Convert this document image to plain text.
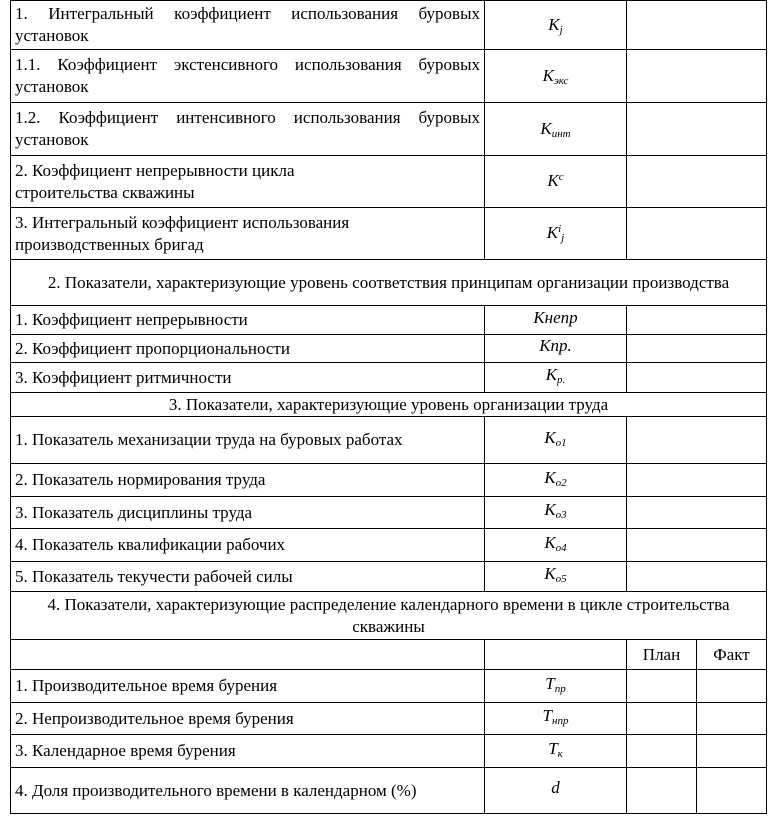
1. Интегральный коэффициент использования буровых установок	$K_j$	
1.1. Коэффициент экстенсивного использования буровых установок	$K_{экс}$	
1.2. Коэффициент интенсивного использования буровых установок	$K_{инт}$	
2. Коэффициент непрерывности цикла строительства скважины	$K^c$	
3. Интегральный коэффициент использования производственных бригад	$K^i_j$	
2. Показатели, характеризующие уровень соответствия принципам организации производства			
1. Коэффициент непрерывности	Кнепр		
2. Коэффициент пропорциональности	Кпр.		
3. Коэффициент ритмичности	$К_{р.}$	
3. Показатели, характеризующие уровень организации труда			
1. Показатель механизации труда на буровых работах	$К_{о1}$	
2. Показатель нормирования труда	$К_{о2}$	
3. Показатель дисциплины труда	$К_{о3}$	
4. Показатель квалификации рабочих	$К_{о4}$	
5. Показатель текучести рабочей силы	$К_{о5}$	
4. Показатели, характеризующие распределение календарного времени в цикле строительства скважины			
		План	Факт
1. Производительное время бурения	$Т_{пр}$		
2. Непроизводительное время бурения	$Т_{нпр}$		
3. Календарное время бурения	$Т_к$		
4. Доля производительного времени в календарном (%)	d		
